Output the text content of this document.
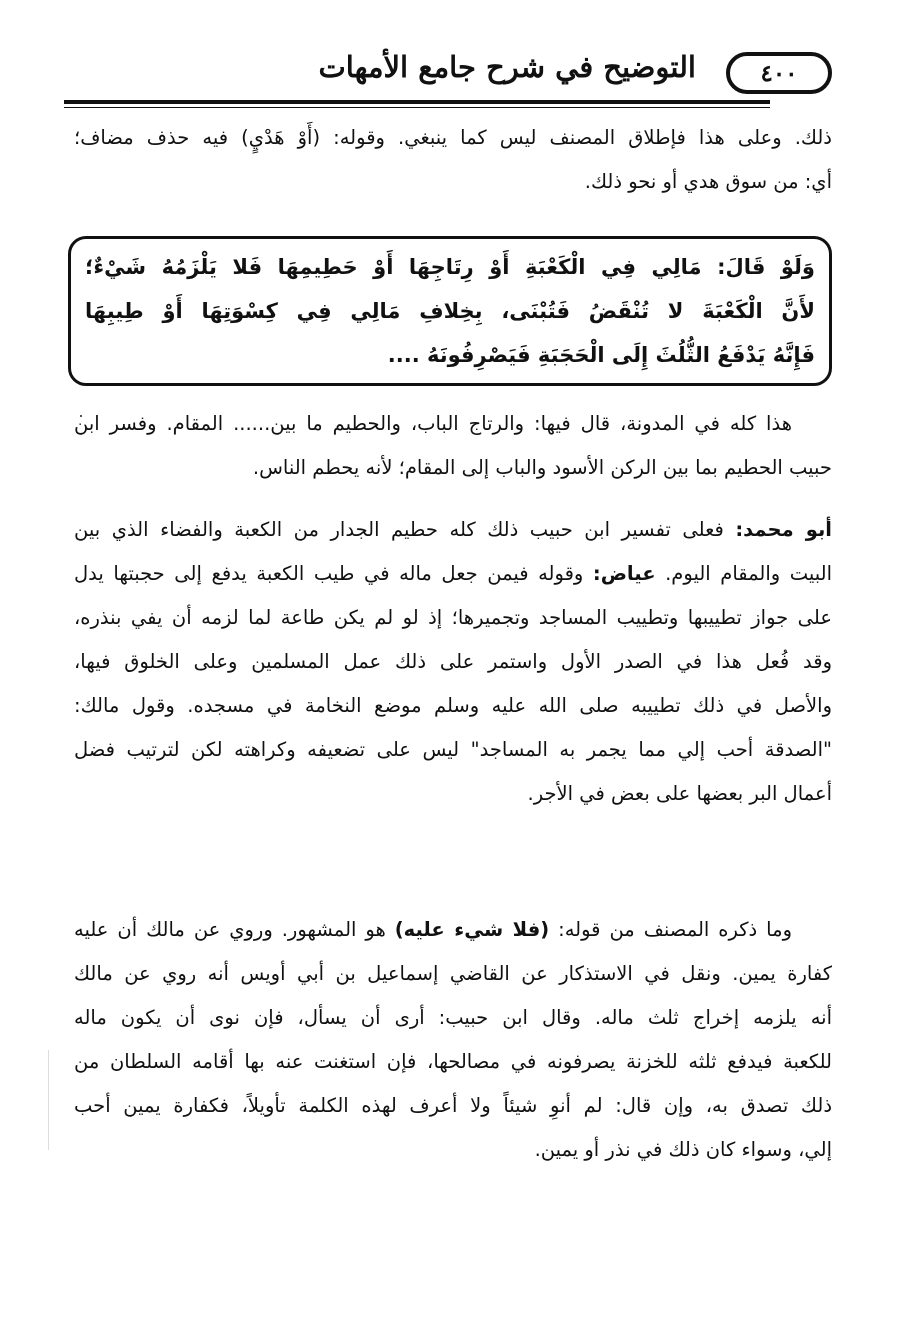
٤٠٠
التوضيح في شرح جامع الأمهات
ذلك. وعلى هذا فإطلاق المصنف ليس كما ينبغي. وقوله: (أَوْ هَدْيٍ) فيه حذف مضاف؛
أي: من سوق هدي أو نحو ذلك.
وَلَوْ قَالَ: مَالِي فِي الْكَعْبَةِ أَوْ رِتَاجِهَا أَوْ حَطِيمِهَا فَلا يَلْزَمُهُ شَيْءٌ؛
لأَنَّ الْكَعْبَةَ لا تُنْقَضُ فَتُبْنَى، بِخِلافِ مَالِي فِي كِسْوَتِهَا أَوْ طِيبِهَا
فَإِنَّهُ يَدْفَعُ الثُّلُثَ إِلَى الْحَجَبَةِ فَيَصْرِفُونَهُ ....
هذا كله في المدونة، قال فيها: والرتاج الباب، والحطيم ما بين...... المقام. وفسر ابن
حبيب الحطيم بما بين الركن الأسود والباب إلى المقام؛ لأنه يحطم الناس.
أبو محمد: فعلى تفسير ابن حبيب ذلك كله حطيم الجدار من الكعبة والفضاء الذي بين
البيت والمقام اليوم. عياض: وقوله فيمن جعل ماله في طيب الكعبة يدفع إلى حجبتها يدل
على جواز تطييبها وتطييب المساجد وتجميرها؛ إذ لو لم يكن طاعة لما لزمه أن يفي بنذره،
وقد فُعل هذا في الصدر الأول واستمر على ذلك عمل المسلمين وعلى الخلوق فيها،
والأصل في ذلك تطييبه صلى الله عليه وسلم موضع النخامة في مسجده. وقول مالك:
"الصدقة أحب إلي مما يجمر به المساجد" ليس على تضعيفه وكراهته لكن لترتيب فضل
أعمال البر بعضها على بعض في الأجر.
وما ذكره المصنف من قوله: (فلا شيء عليه) هو المشهور. وروي عن مالك أن عليه
كفارة يمين. ونقل في الاستذكار عن القاضي إسماعيل بن أبي أويس أنه روي عن مالك
أنه يلزمه إخراج ثلث ماله. وقال ابن حبيب: أرى أن يسأل، فإن نوى أن يكون ماله
للكعبة فيدفع ثلثه للخزنة يصرفونه في مصالحها، فإن استغنت عنه بها أقامه السلطان من
ذلك تصدق به، وإن قال: لم أنوِ شيئاً ولا أعرف لهذه الكلمة تأويلاً، فكفارة يمين أحب
إلي، وسواء كان ذلك في نذر أو يمين.
